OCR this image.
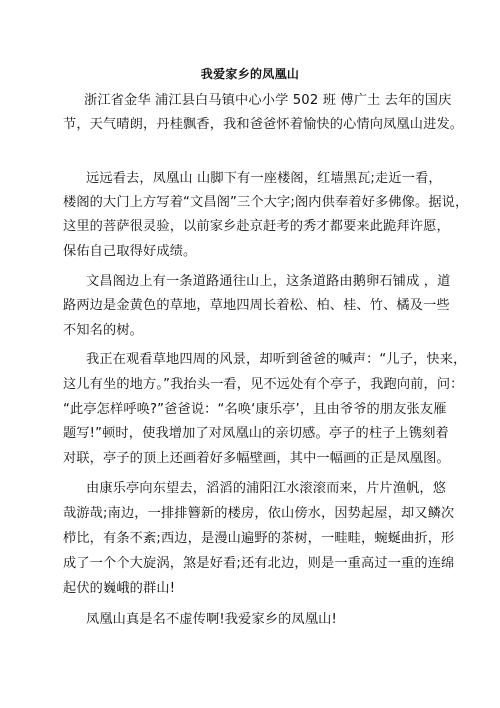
我爱家乡的凤凰山
浙江省金华 浦江县白马镇中心小学 502 班 傅广土 去年的国庆
节，天气晴朗，丹桂飘香，我和爸爸怀着愉快的心情向凤凰山进发。
远远看去，凤凰山 山脚下有一座楼阁，红墙黑瓦;走近一看，
楼阁的大门上方写着“文昌阁”三个大字;阁内供奉着好多佛像。据说，
这里的菩萨很灵验，以前家乡赴京赶考的秀才都要来此跪拜许愿，
保佑自己取得好成绩。
文昌阁边上有一条道路通往山上，这条道路由鹅卵石铺成 ，道
路两边是金黄色的草地，草地四周长着松、柏、桂、竹、橘及一些
不知名的树。
我正在观看草地四周的风景，却听到爸爸的喊声：“儿子，快来，
这儿有坐的地方。”我抬头一看，见不远处有个亭子，我跑向前，问：
“此亭怎样呼唤?”爸爸说：“名唤‘康乐亭’，且由爷爷的朋友张友雁
题写!”顿时，使我增加了对凤凰山的亲切感。亭子的柱子上镌刻着
对联，亭子的顶上还画着好多幅壁画，其中一幅画的正是凤凰图。
由康乐亭向东望去，滔滔的浦阳江水滚滚而来，片片渔帆，悠
哉游哉;南边，一排排簪新的楼房，依山傍水，因势起屋，却又鳞次
栉比，有条不紊;西边，是漫山遍野的茶树，一畦畦，蜿蜒曲折，形
成了一个个大旋涡，煞是好看;还有北边，则是一重高过一重的连绵
起伏的巍峨的群山!
凤凰山真是名不虚传啊!我爱家乡的凤凰山!
